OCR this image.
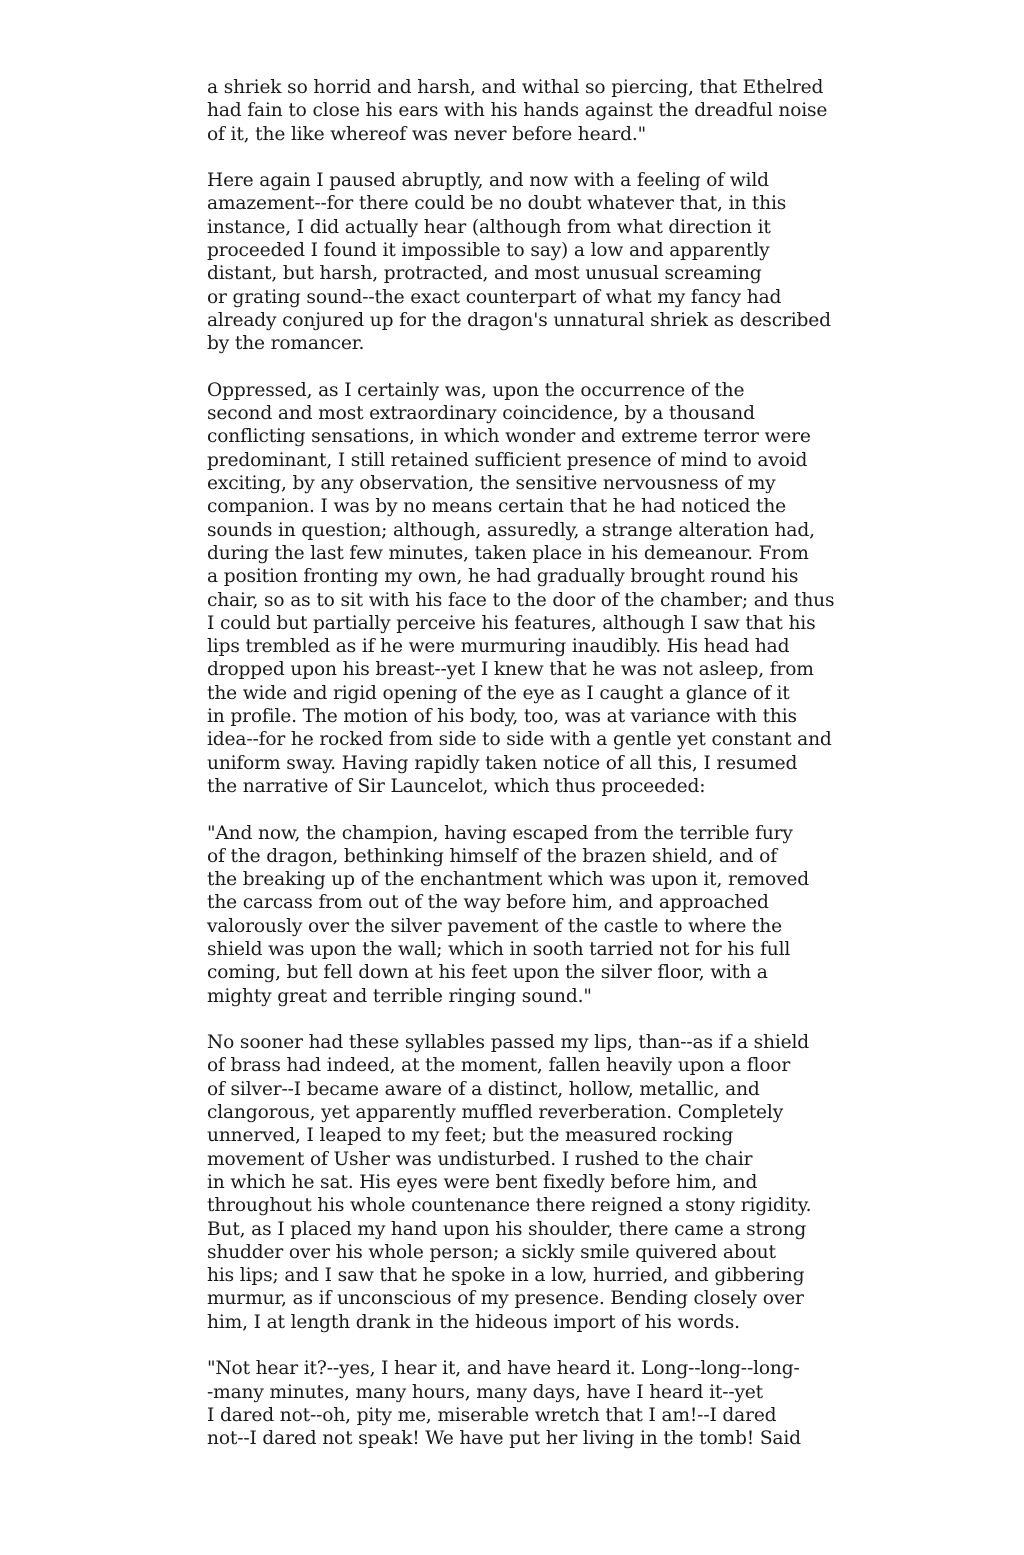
a shriek so horrid and harsh, and withal so piercing, that Ethelred
had fain to close his ears with his hands against the dreadful noise
of it, the like whereof was never before heard."

Here again I paused abruptly, and now with a feeling of wild
amazement--for there could be no doubt whatever that, in this
instance, I did actually hear (although from what direction it
proceeded I found it impossible to say) a low and apparently
distant, but harsh, protracted, and most unusual screaming
or grating sound--the exact counterpart of what my fancy had
already conjured up for the dragon's unnatural shriek as described
by the romancer.

Oppressed, as I certainly was, upon the occurrence of the
second and most extraordinary coincidence, by a thousand
conflicting sensations, in which wonder and extreme terror were
predominant, I still retained sufficient presence of mind to avoid
exciting, by any observation, the sensitive nervousness of my
companion. I was by no means certain that he had noticed the
sounds in question; although, assuredly, a strange alteration had,
during the last few minutes, taken place in his demeanour. From
a position fronting my own, he had gradually brought round his
chair, so as to sit with his face to the door of the chamber; and thus
I could but partially perceive his features, although I saw that his
lips trembled as if he were murmuring inaudibly. His head had
dropped upon his breast--yet I knew that he was not asleep, from
the wide and rigid opening of the eye as I caught a glance of it
in profile. The motion of his body, too, was at variance with this
idea--for he rocked from side to side with a gentle yet constant and
uniform sway. Having rapidly taken notice of all this, I resumed
the narrative of Sir Launcelot, which thus proceeded:

"And now, the champion, having escaped from the terrible fury
of the dragon, bethinking himself of the brazen shield, and of
the breaking up of the enchantment which was upon it, removed
the carcass from out of the way before him, and approached
valorously over the silver pavement of the castle to where the
shield was upon the wall; which in sooth tarried not for his full
coming, but fell down at his feet upon the silver floor, with a
mighty great and terrible ringing sound."

No sooner had these syllables passed my lips, than--as if a shield
of brass had indeed, at the moment, fallen heavily upon a floor
of silver--I became aware of a distinct, hollow, metallic, and
clangorous, yet apparently muffled reverberation. Completely
unnerved, I leaped to my feet; but the measured rocking
movement of Usher was undisturbed. I rushed to the chair
in which he sat. His eyes were bent fixedly before him, and
throughout his whole countenance there reigned a stony rigidity.
But, as I placed my hand upon his shoulder, there came a strong
shudder over his whole person; a sickly smile quivered about
his lips; and I saw that he spoke in a low, hurried, and gibbering
murmur, as if unconscious of my presence. Bending closely over
him, I at length drank in the hideous import of his words.

"Not hear it?--yes, I hear it, and have heard it. Long--long--long-
-many minutes, many hours, many days, have I heard it--yet
I dared not--oh, pity me, miserable wretch that I am!--I dared
not--I dared not speak! We have put her living in the tomb! Said
